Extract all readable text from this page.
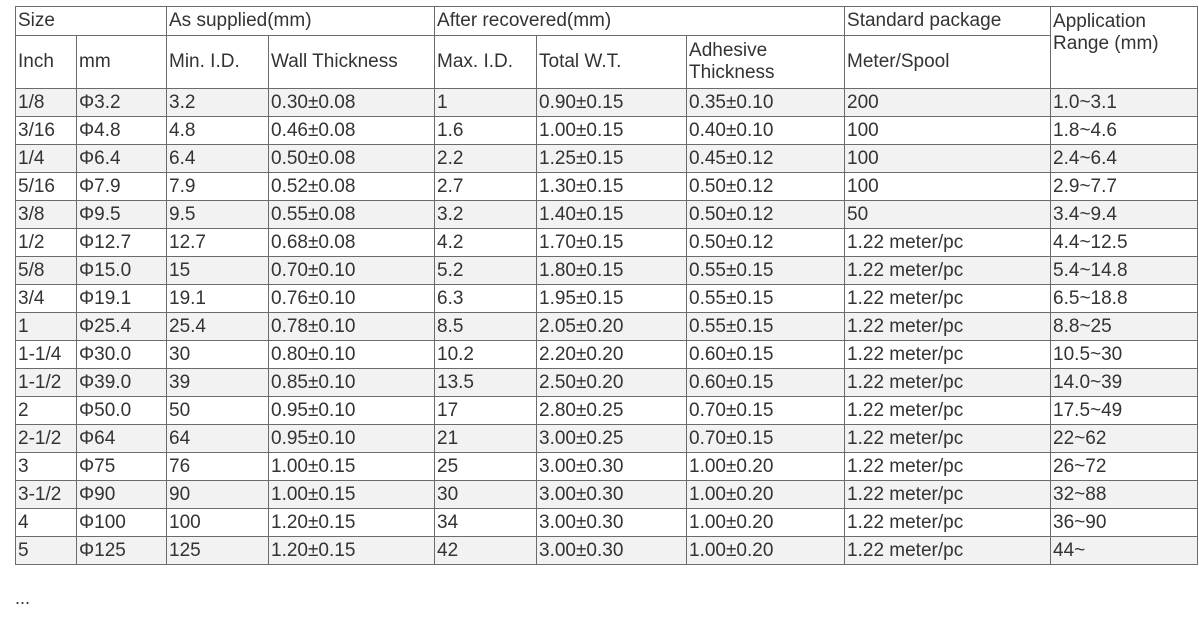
Size		As supplied(mm)		After recovered(mm)			Standard package	Application Range (mm)
Inch	mm	Min. I.D.	Wall Thickness	Max. I.D.	Total W.T.	Adhesive Thickness	Meter/Spool	
1/8	Φ3.2	3.2	0.30±0.08	1	0.90±0.15	0.35±0.10	200	1.0~3.1
3/16	Φ4.8	4.8	0.46±0.08	1.6	1.00±0.15	0.40±0.10	100	1.8~4.6
1/4	Φ6.4	6.4	0.50±0.08	2.2	1.25±0.15	0.45±0.12	100	2.4~6.4
5/16	Φ7.9	7.9	0.52±0.08	2.7	1.30±0.15	0.50±0.12	100	2.9~7.7
3/8	Φ9.5	9.5	0.55±0.08	3.2	1.40±0.15	0.50±0.12	50	3.4~9.4
1/2	Φ12.7	12.7	0.68±0.08	4.2	1.70±0.15	0.50±0.12	1.22 meter/pc	4.4~12.5
5/8	Φ15.0	15	0.70±0.10	5.2	1.80±0.15	0.55±0.15	1.22 meter/pc	5.4~14.8
3/4	Φ19.1	19.1	0.76±0.10	6.3	1.95±0.15	0.55±0.15	1.22 meter/pc	6.5~18.8
1	Φ25.4	25.4	0.78±0.10	8.5	2.05±0.20	0.55±0.15	1.22 meter/pc	8.8~25
1-1/4	Φ30.0	30	0.80±0.10	10.2	2.20±0.20	0.60±0.15	1.22 meter/pc	10.5~30
1-1/2	Φ39.0	39	0.85±0.10	13.5	2.50±0.20	0.60±0.15	1.22 meter/pc	14.0~39
2	Φ50.0	50	0.95±0.10	17	2.80±0.25	0.70±0.15	1.22 meter/pc	17.5~49
2-1/2	Φ64	64	0.95±0.10	21	3.00±0.25	0.70±0.15	1.22 meter/pc	22~62
3	Φ75	76	1.00±0.15	25	3.00±0.30	1.00±0.20	1.22 meter/pc	26~72
3-1/2	Φ90	90	1.00±0.15	30	3.00±0.30	1.00±0.20	1.22 meter/pc	32~88
4	Φ100	100	1.20±0.15	34	3.00±0.30	1.00±0.20	1.22 meter/pc	36~90
5	Φ125	125	1.20±0.15	42	3.00±0.30	1.00±0.20	1.22 meter/pc	44~
...
